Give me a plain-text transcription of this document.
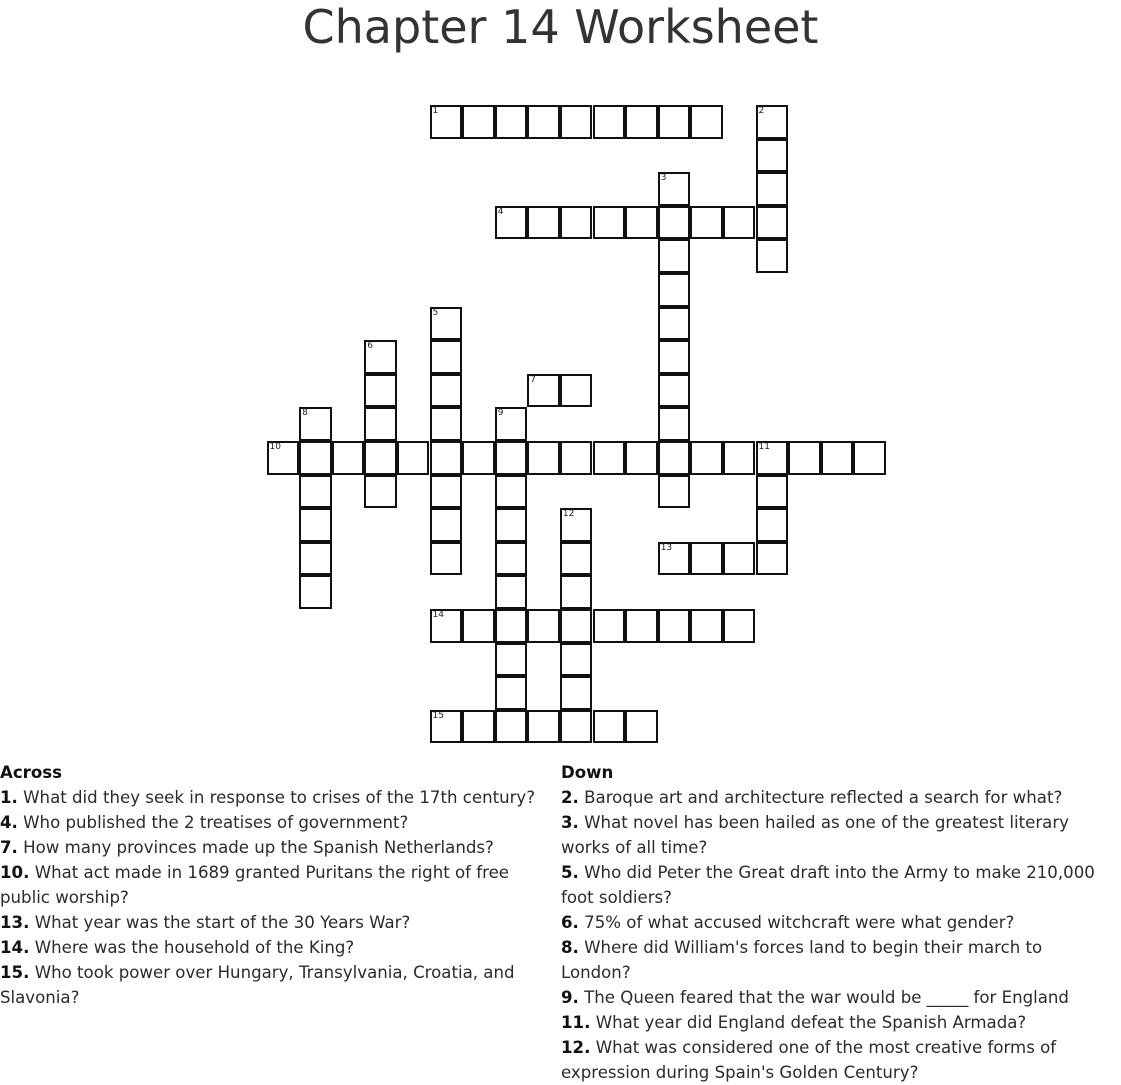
Chapter 14 Worksheet
1
4
7
10	11
13
14
15
2
3
5
6
8	9
12
Across
1. What did they seek in response to crises of the 17th century?
4. Who published the 2 treatises of government?
7. How many provinces made up the Spanish Netherlands?
10. What act made in 1689 granted Puritans the right of free public worship?
13. What year was the start of the 30 Years War?
14. Where was the household of the King?
15. Who took power over Hungary, Transylvania, Croatia, and Slavonia?
Down
2. Baroque art and architecture reflected a search for what?
3. What novel has been hailed as one of the greatest literary works of all time?
5. Who did Peter the Great draft into the Army to make 210,000 foot soldiers?
6. 75% of what accused witchcraft were what gender?
8. Where did William's forces land to begin their march to London?
9. The Queen feared that the war would be _____ for England
11. What year did England defeat the Spanish Armada?
12. What was considered one of the most creative forms of expression during Spain's Golden Century?
